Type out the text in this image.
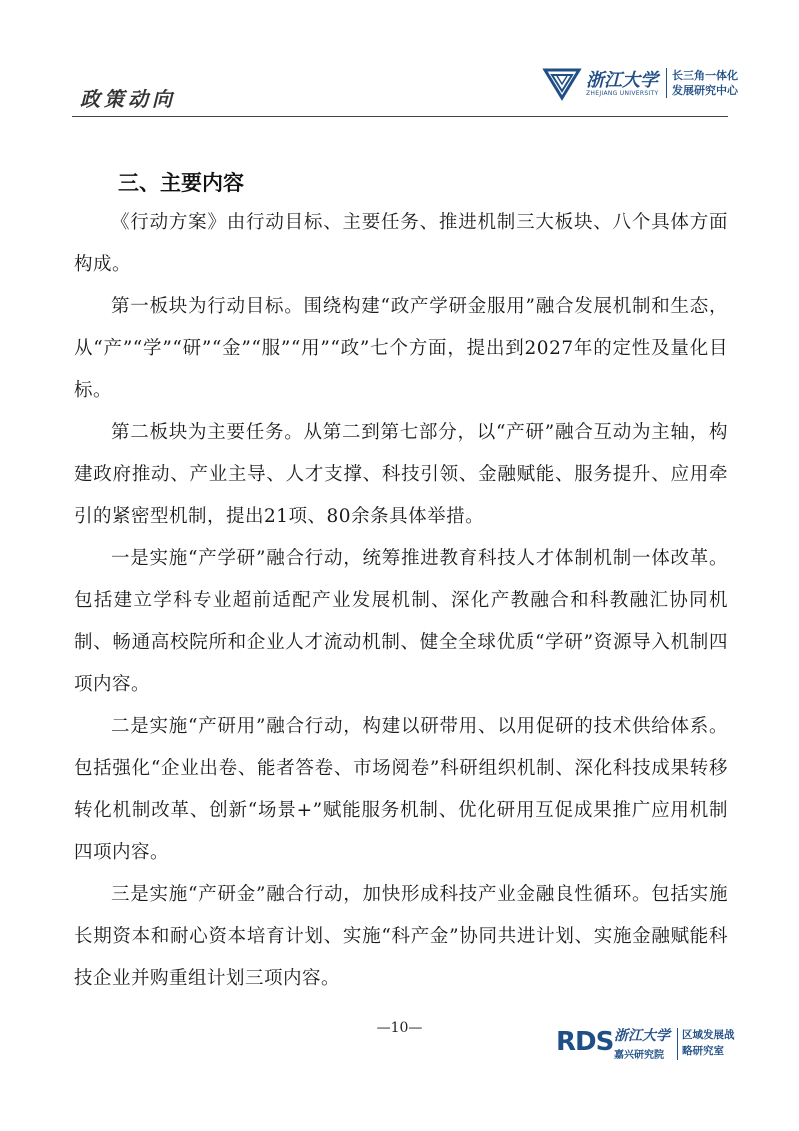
政策动向
浙江大学
ZHEJIANG UNIVERSITY
长三角一体化发展研究中心
三、主要内容

《行动方案》由行动目标、主要任务、推进机制三大板块、八个具体方面构成。

第一板块为行动目标。围绕构建“政产学研金服用”融合发展机制和生态，从“产”“学”“研”“金”“服”“用”“政”七个方面，提出到2027年的定性及量化目标。

第二板块为主要任务。从第二到第七部分，以“产研”融合互动为主轴，构建政府推动、产业主导、人才支撑、科技引领、金融赋能、服务提升、应用牵引的紧密型机制，提出21项、80余条具体举措。

一是实施“产学研”融合行动，统筹推进教育科技人才体制机制一体改革。包括建立学科专业超前适配产业发展机制、深化产教融合和科教融汇协同机制、畅通高校院所和企业人才流动机制、健全全球优质“学研”资源导入机制四项内容。

二是实施“产研用”融合行动，构建以研带用、以用促研的技术供给体系。包括强化“企业出卷、能者答卷、市场阅卷”科研组织机制、深化科技成果转移转化机制改革、创新“场景+”赋能服务机制、优化研用互促成果推广应用机制四项内容。

三是实施“产研金”融合行动，加快形成科技产业金融良性循环。包括实施长期资本和耐心资本培育计划、实施“科产金”协同共进计划、实施金融赋能科技企业并购重组计划三项内容。

—10—	RDS 浙江大学
嘉兴研究院
区域发展战略研究室
